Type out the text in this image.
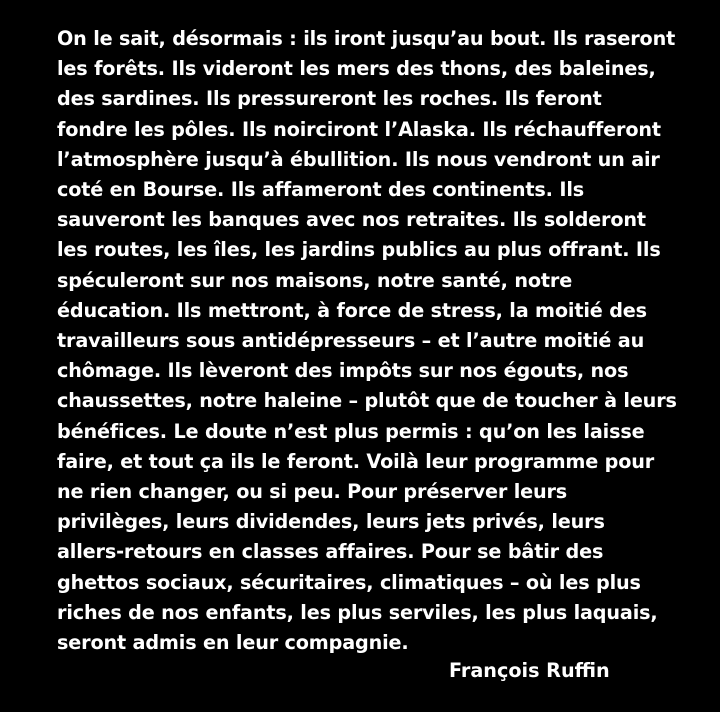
On le sait, désormais : ils iront jusqu’au bout. Ils raseront
les forêts. Ils videront les mers des thons, des baleines,
des sardines. Ils pressureront les roches. Ils feront
fondre les pôles. Ils noirciront l’Alaska. Ils réchaufferont
l’atmosphère jusqu’à ébullition. Ils nous vendront un air
coté en Bourse. Ils affameront des continents. Ils
sauveront les banques avec nos retraites. Ils solderont
les routes, les îles, les jardins publics au plus offrant. Ils
spéculeront sur nos maisons, notre santé, notre
éducation. Ils mettront, à force de stress, la moitié des
travailleurs sous antidépresseurs – et l’autre moitié au
chômage. Ils lèveront des impôts sur nos égouts, nos
chaussettes, notre haleine – plutôt que de toucher à leurs
bénéfices. Le doute n’est plus permis : qu’on les laisse
faire, et tout ça ils le feront. Voilà leur programme pour
ne rien changer, ou si peu. Pour préserver leurs
privilèges, leurs dividendes, leurs jets privés, leurs
allers-retours en classes affaires. Pour se bâtir des
ghettos sociaux, sécuritaires, climatiques – où les plus
riches de nos enfants, les plus serviles, les plus laquais,
seront admis en leur compagnie.
François Ruffin
